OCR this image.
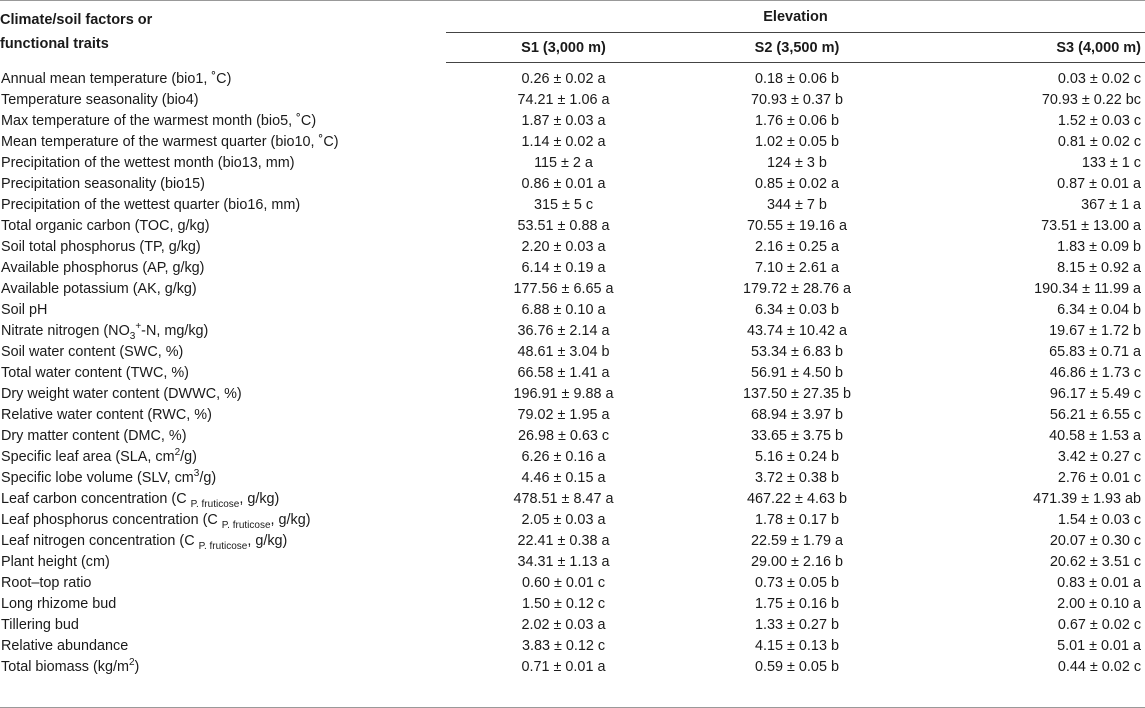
Climate/soil factors or
functional traits	Elevation		
	S1 (3,000 m)	S2 (3,500 m)	S3 (4,000 m)
Annual mean temperature (bio1, ˚C)	0.26 ± 0.02 a	0.18 ± 0.06 b	0.03 ± 0.02 c
Temperature seasonality (bio4)	74.21 ± 1.06 a	70.93 ± 0.37 b	70.93 ± 0.22 bc
Max temperature of the warmest month (bio5, ˚C)	1.87 ± 0.03 a	1.76 ± 0.06 b	1.52 ± 0.03 c
Mean temperature of the warmest quarter (bio10, ˚C)	1.14 ± 0.02 a	1.02 ± 0.05 b	0.81 ± 0.02 c
Precipitation of the wettest month (bio13, mm)	115 ± 2 a	124 ± 3 b	133 ± 1 c
Precipitation seasonality (bio15)	0.86 ± 0.01 a	0.85 ± 0.02 a	0.87 ± 0.01 a
Precipitation of the wettest quarter (bio16, mm)	315 ± 5 c	344 ± 7 b	367 ± 1 a
Total organic carbon (TOC, g/kg)	53.51 ± 0.88 a	70.55 ± 19.16 a	73.51 ± 13.00 a
Soil total phosphorus (TP, g/kg)	2.20 ± 0.03 a	2.16 ± 0.25 a	1.83 ± 0.09 b
Available phosphorus (AP, g/kg)	6.14 ± 0.19 a	7.10 ± 2.61 a	8.15 ± 0.92 a
Available potassium (AK, g/kg)	177.56 ± 6.65 a	179.72 ± 28.76 a	190.34 ± 11.99 a
Soil pH	6.88 ± 0.10 a	6.34 ± 0.03 b	6.34 ± 0.04 b
Nitrate nitrogen ($NO_3^+-N$, mg/kg)	36.76 ± 2.14 a	43.74 ± 10.42 a	19.67 ± 1.72 b
Soil water content (SWC, %)	48.61 ± 3.04 b	53.34 ± 6.83 b	65.83 ± 0.71 a
Total water content (TWC, %)	66.58 ± 1.41 a	56.91 ± 4.50 b	46.86 ± 1.73 c
Dry weight water content (DWWC, %)	196.91 ± 9.88 a	137.50 ± 27.35 b	96.17 ± 5.49 c
Relative water content (RWC, %)	79.02 ± 1.95 a	68.94 ± 3.97 b	56.21 ± 6.55 c
Dry matter content (DMC, %)	26.98 ± 0.63 c	33.65 ± 3.75 b	40.58 ± 1.53 a
Specific leaf area (SLA, $cm^2/g$)	6.26 ± 0.16 a	5.16 ± 0.24 b	3.42 ± 0.27 c
Specific lobe volume (SLV, $cm^3/g$)	4.46 ± 0.15 a	3.72 ± 0.38 b	2.76 ± 0.01 c
Leaf carbon concentration (C $_{P. fruticose}$, g/kg)	478.51 ± 8.47 a	467.22 ± 4.63 b	471.39 ± 1.93 ab
Leaf phosphorus concentration (C $_{P. fruticose}$, g/kg)	2.05 ± 0.03 a	1.78 ± 0.17 b	1.54 ± 0.03 c
Leaf nitrogen concentration (C $_{P. fruticose}$, g/kg)	22.41 ± 0.38 a	22.59 ± 1.79 a	20.07 ± 0.30 c
Plant height (cm)	34.31 ± 1.13 a	29.00 ± 2.16 b	20.62 ± 3.51 c
Root–top ratio	0.60 ± 0.01 c	0.73 ± 0.05 b	0.83 ± 0.01 a
Long rhizome bud	1.50 ± 0.12 c	1.75 ± 0.16 b	2.00 ± 0.10 a
Tillering bud	2.02 ± 0.03 a	1.33 ± 0.27 b	0.67 ± 0.02 c
Relative abundance	3.83 ± 0.12 c	4.15 ± 0.13 b	5.01 ± 0.01 a
Total biomass $(kg/m^2)$	0.71 ± 0.01 a	0.59 ± 0.05 b	0.44 ± 0.02 c
